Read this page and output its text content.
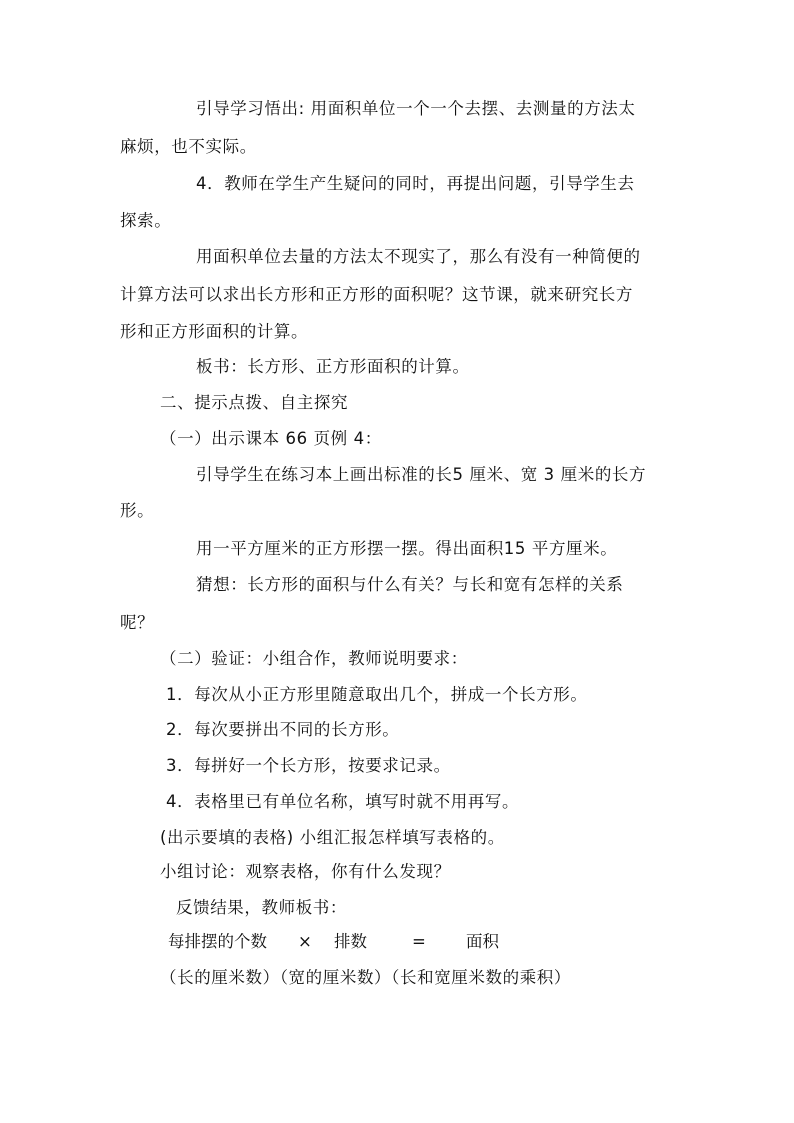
引导学习悟出: 用面积单位一个一个去摆、去测量的方法太
麻烦，也不实际。
4．教师在学生产生疑问的同时，再提出问题，引导学生去
探索。
用面积单位去量的方法太不现实了，那么有没有一种简便的
计算方法可以求出长方形和正方形的面积呢？这节课，就来研究长方
形和正方形面积的计算。
板书：长方形、正方形面积的计算。
二、提示点拨、自主探究
（一）出示课本 66 页例 4：
引导学生在练习本上画出标准的长5 厘米、宽 3 厘米的长方
形。
用一平方厘米的正方形摆一摆。得出面积15 平方厘米。
猜想：长方形的面积与什么有关？与长和宽有怎样的关系
呢？
（二）验证：小组合作，教师说明要求：
1．每次从小正方形里随意取出几个，拼成一个长方形。
2．每次要拼出不同的长方形。
3．每拼好一个长方形，按要求记录。
4．表格里已有单位名称，填写时就不用再写。
(出示要填的表格) 小组汇报怎样填写表格的。
小组讨论：观察表格，你有什么发现？
反馈结果，教师板书：
每排摆的个数 × 排数	= 面积
（长的厘米数）（宽的厘米数）（长和宽厘米数的乘积）
